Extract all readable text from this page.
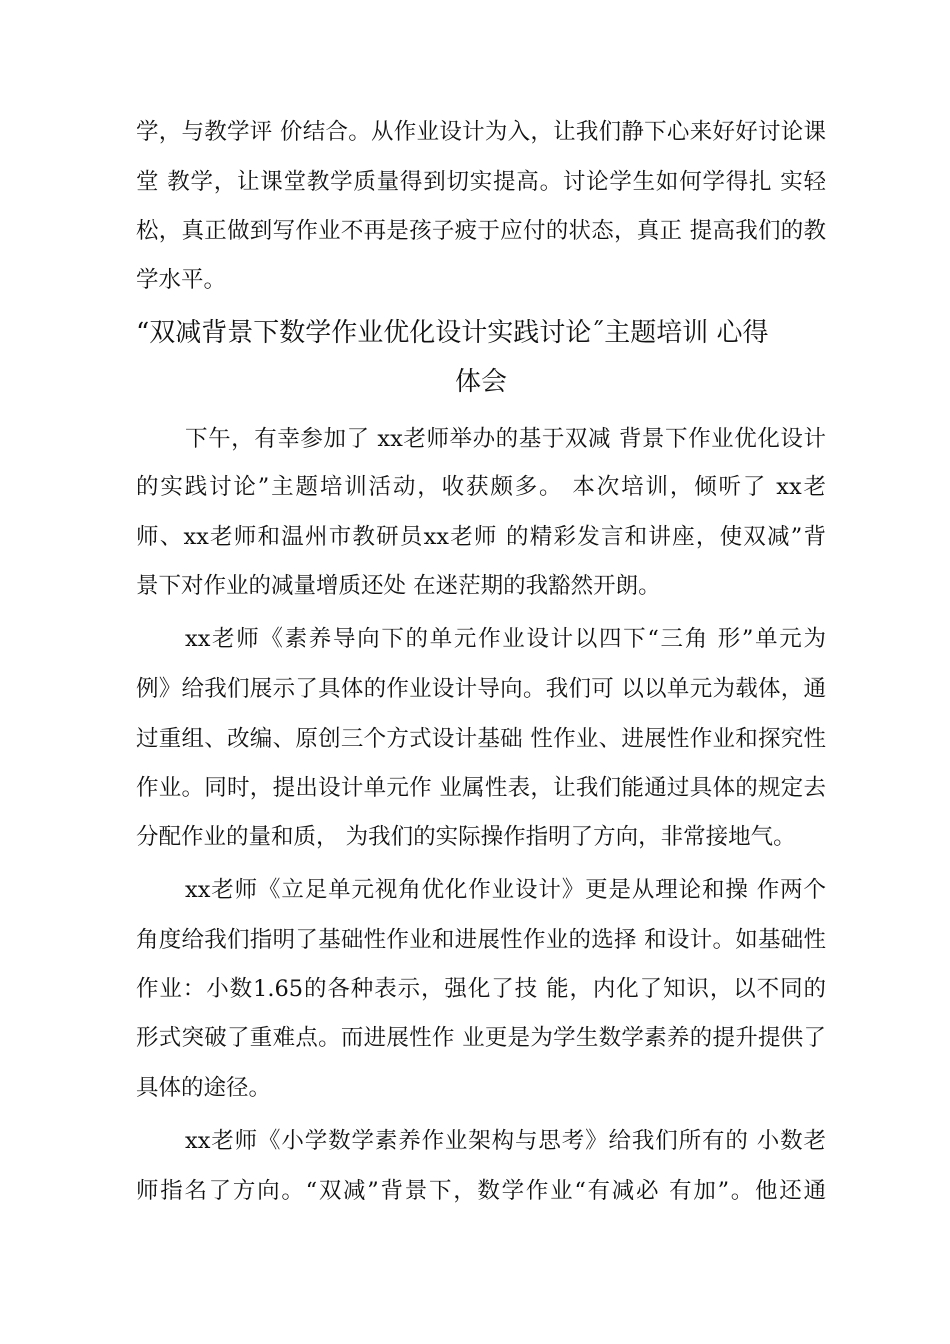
学，与教学评 价结合。从作业设计为入，让我们静下心来好好讨论课
堂 教学，让课堂教学质量得到切实提高。讨论学生如何学得扎 实轻
松，真正做到写作业不再是孩子疲于应付的状态，真正 提高我们的教
学水平。
“双减背景下数学作业优化设计实践讨论˝主题培训 心得
体会
下午，有幸参加了 xx老师举办的基于双减 背景下作业优化设计
的实践讨论”主题培训活动，收获颇多。 本次培训，倾听了 xx老
师、xx老师和温州市教研员xx老师 的精彩发言和讲座，使双减”背
景下对作业的减量增质还处 在迷茫期的我豁然开朗。
xx老师《素养导向下的单元作业设计以四下“三角 形”单元为
例》给我们展示了具体的作业设计导向。我们可 以以单元为载体，通
过重组、改编、原创三个方式设计基础 性作业、进展性作业和探究性
作业。同时，提出设计单元作 业属性表，让我们能通过具体的规定去
分配作业的量和质， 为我们的实际操作指明了方向，非常接地气。
xx老师《立足单元视角优化作业设计》更是从理论和操 作两个
角度给我们指明了基础性作业和进展性作业的选择 和设计。如基础性
作业：小数1.65的各种表示，强化了技 能，内化了知识，以不同的
形式突破了重难点。而进展性作 业更是为学生数学素养的提升提供了
具体的途径。
xx老师《小学数学素养作业架构与思考》给我们所有的 小数老
师指名了方向。“双减”背景下，数学作业“有减必 有加”。他还通
